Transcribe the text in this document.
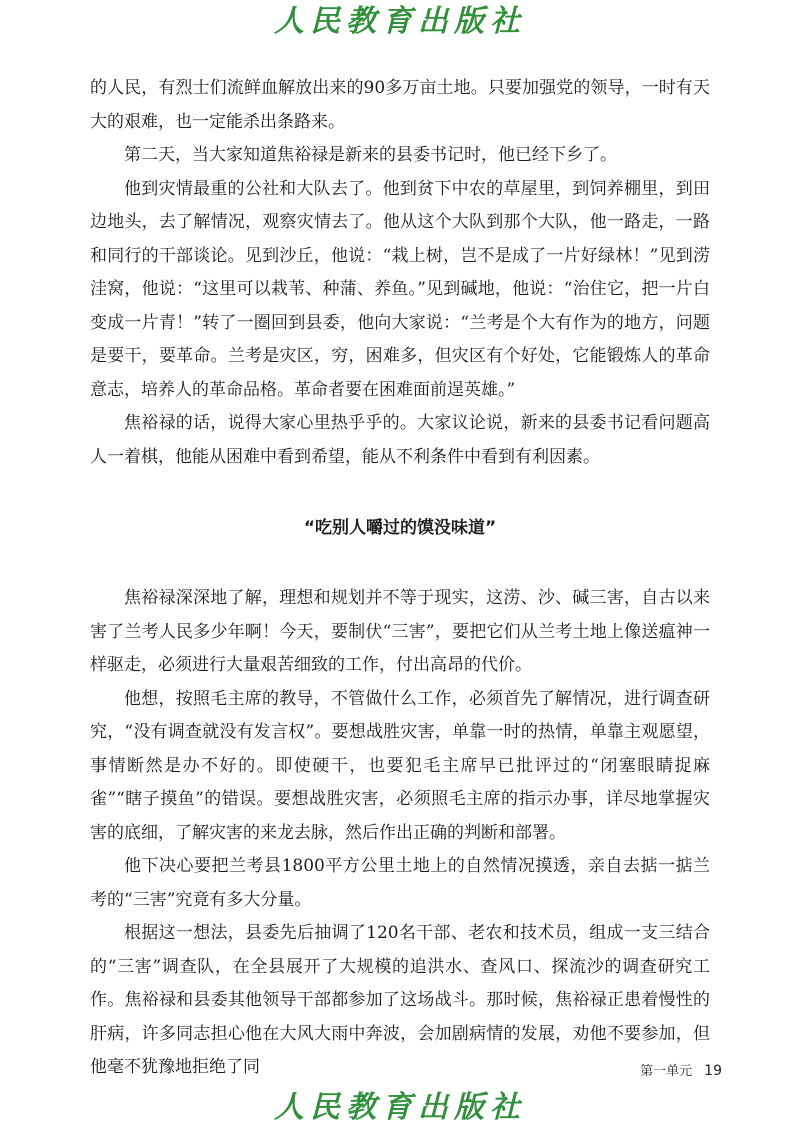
人民教育出版社

的人民，有烈士们流鲜血解放出来的90多万亩土地。只要加强党的领导，一时有天大的艰难，也一定能杀出条路来。

第二天，当大家知道焦裕禄是新来的县委书记时，他已经下乡了。

他到灾情最重的公社和大队去了。他到贫下中农的草屋里，到饲养棚里，到田边地头，去了解情况，观察灾情去了。他从这个大队到那个大队，他一路走，一路和同行的干部谈论。见到沙丘，他说：“栽上树，岂不是成了一片好绿林！”见到涝洼窝，他说：“这里可以栽苇、种蒲、养鱼。”见到碱地，他说：“治住它，把一片白变成一片青！”转了一圈回到县委，他向大家说：“兰考是个大有作为的地方，问题是要干，要革命。兰考是灾区，穷，困难多，但灾区有个好处，它能锻炼人的革命意志，培养人的革命品格。革命者要在困难面前逞英雄。”

焦裕禄的话，说得大家心里热乎乎的。大家议论说，新来的县委书记看问题高人一着棋，他能从困难中看到希望，能从不利条件中看到有利因素。

“吃别人嚼过的馍没味道”

焦裕禄深深地了解，理想和规划并不等于现实，这涝、沙、碱三害，自古以来害了兰考人民多少年啊！今天，要制伏“三害”，要把它们从兰考土地上像送瘟神一样驱走，必须进行大量艰苦细致的工作，付出高昂的代价。

他想，按照毛主席的教导，不管做什么工作，必须首先了解情况，进行调查研究，“没有调查就没有发言权”。要想战胜灾害，单靠一时的热情，单靠主观愿望，事情断然是办不好的。即使硬干，也要犯毛主席早已批评过的“闭塞眼睛捉麻雀”“瞎子摸鱼”的错误。要想战胜灾害，必须照毛主席的指示办事，详尽地掌握灾害的底细，了解灾害的来龙去脉，然后作出正确的判断和部署。

他下决心要把兰考县1800平方公里土地上的自然情况摸透，亲自去掂一掂兰考的“三害”究竟有多大分量。

根据这一想法，县委先后抽调了120名干部、老农和技术员，组成一支三结合的“三害”调查队，在全县展开了大规模的追洪水、查风口、探流沙的调查研究工作。焦裕禄和县委其他领导干部都参加了这场战斗。那时候，焦裕禄正患着慢性的肝病，许多同志担心他在大风大雨中奔波，会加剧病情的发展，劝他不要参加，但他毫不犹豫地拒绝了同	第一单元 19
人民教育出版社
